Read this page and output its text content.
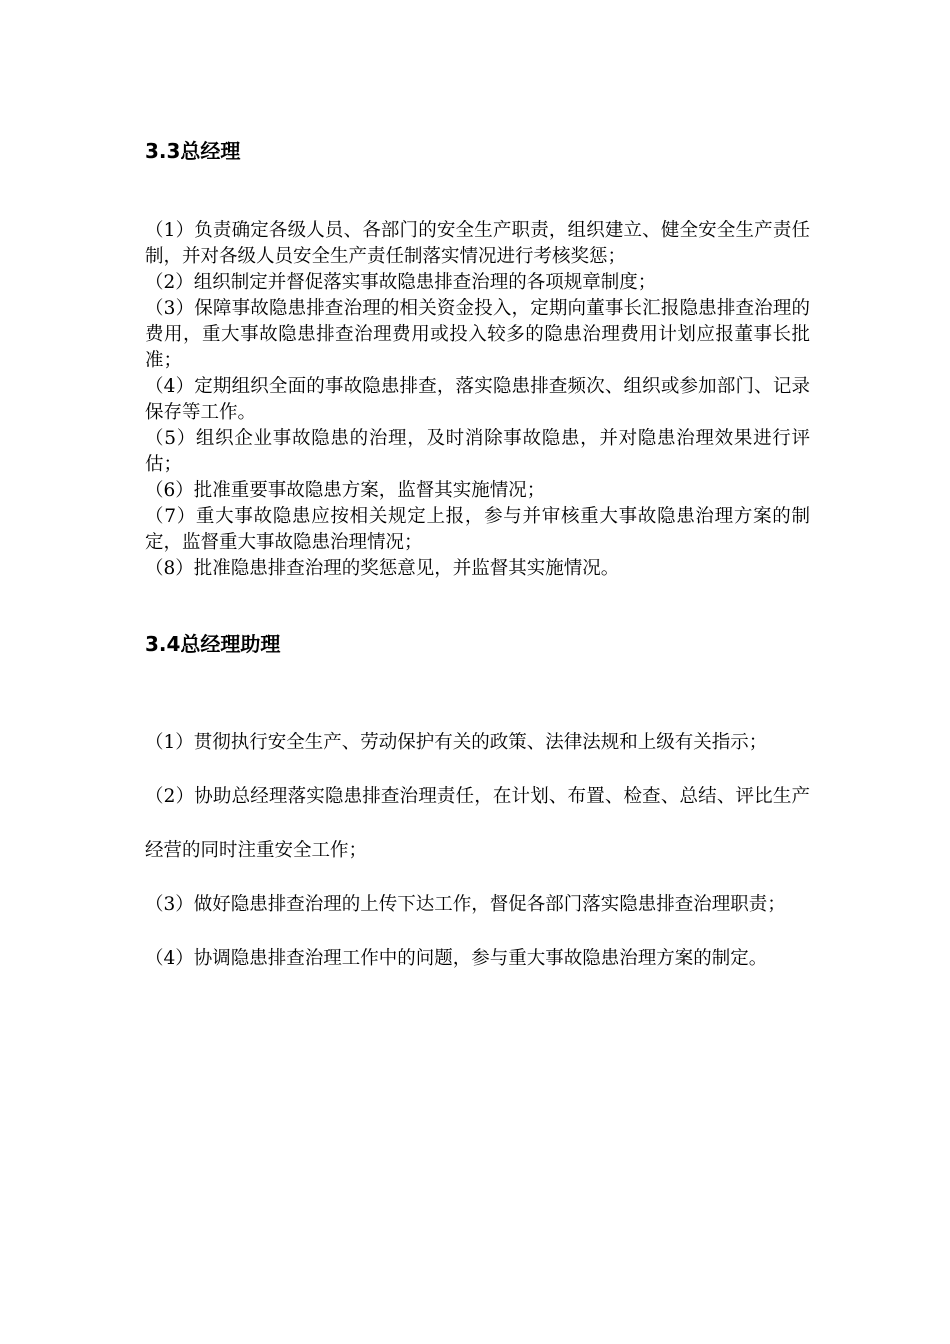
3.3总经理
（1）负责确定各级人员、各部门的安全生产职责，组织建立、健全安全生产责任制，并对各级人员安全生产责任制落实情况进行考核奖惩；
（2）组织制定并督促落实事故隐患排查治理的各项规章制度；
（3）保障事故隐患排查治理的相关资金投入，定期向董事长汇报隐患排查治理的费用，重大事故隐患排查治理费用或投入较多的隐患治理费用计划应报董事长批准；
（4）定期组织全面的事故隐患排查，落实隐患排查频次、组织或参加部门、记录保存等工作。
（5）组织企业事故隐患的治理，及时消除事故隐患，并对隐患治理效果进行评估；
（6）批准重要事故隐患方案，监督其实施情况；
（7）重大事故隐患应按相关规定上报，参与并审核重大事故隐患治理方案的制定，监督重大事故隐患治理情况；
（8）批准隐患排查治理的奖惩意见，并监督其实施情况。
3.4总经理助理
（1）贯彻执行安全生产、劳动保护有关的政策、法律法规和上级有关指示；
（2）协助总经理落实隐患排查治理责任，在计划、布置、检查、总结、评比生产经营的同时注重安全工作；
（3）做好隐患排查治理的上传下达工作，督促各部门落实隐患排查治理职责；
（4）协调隐患排查治理工作中的问题，参与重大事故隐患治理方案的制定。
